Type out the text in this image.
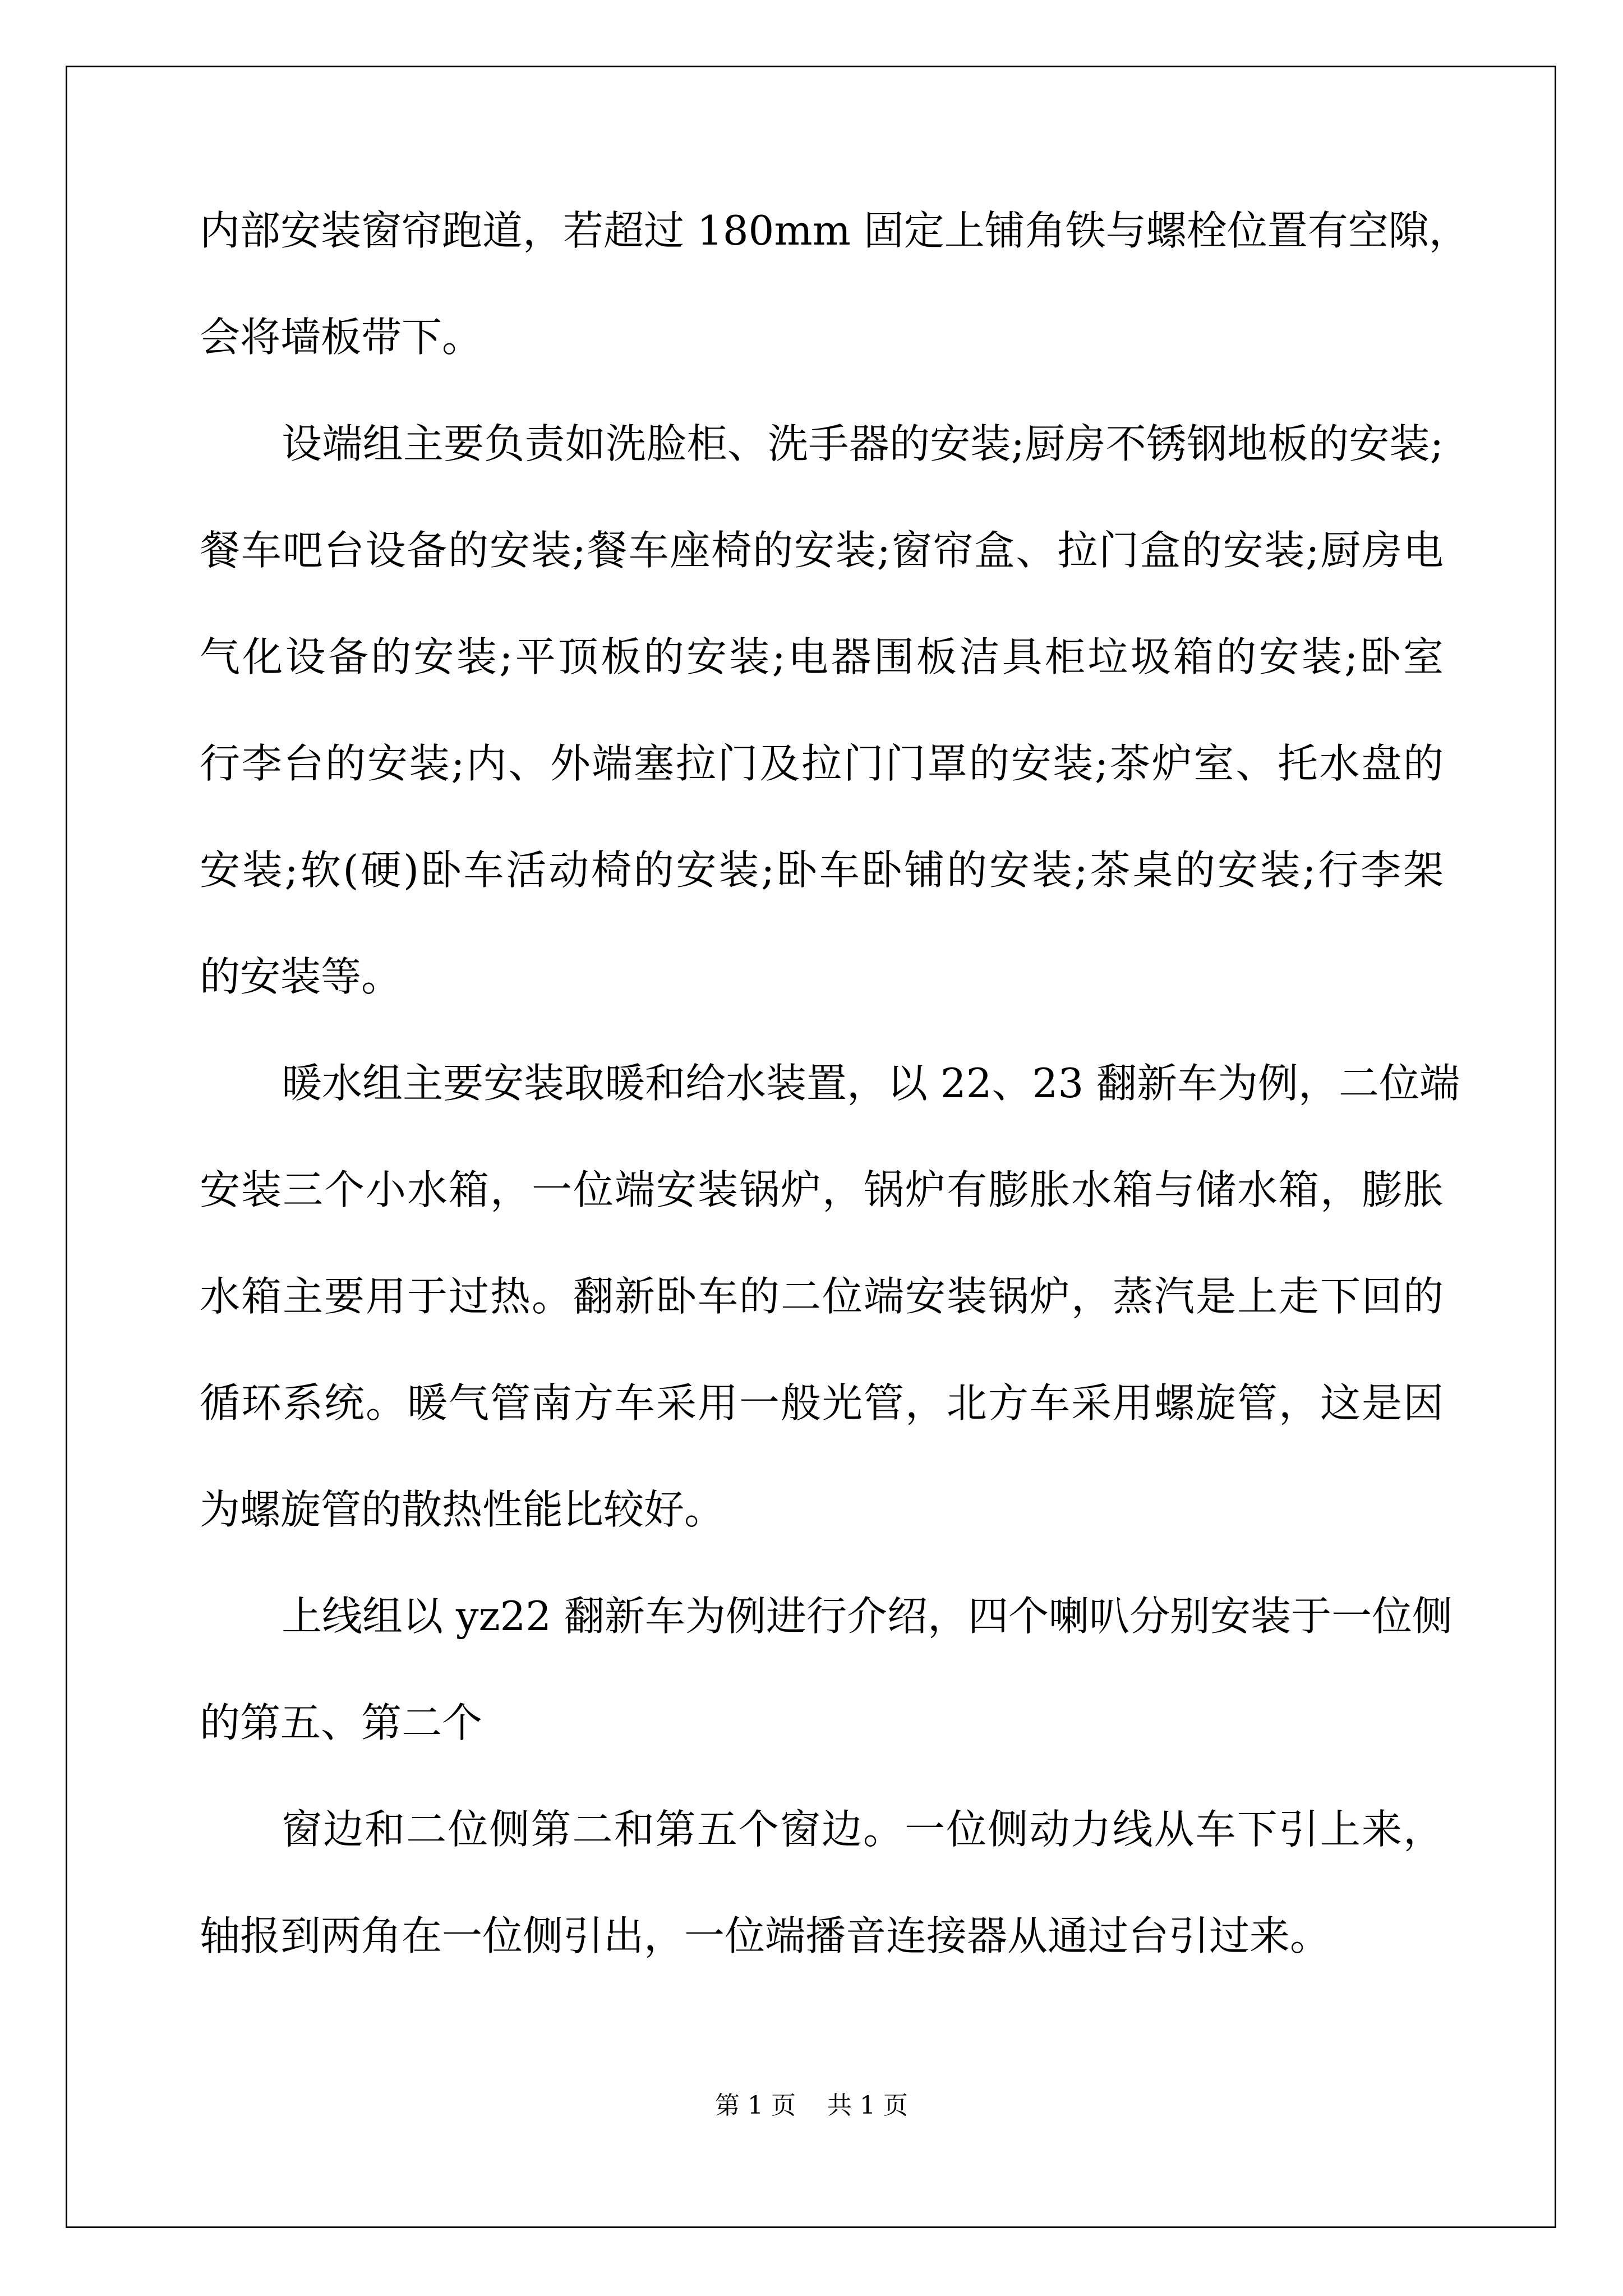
内部安装窗帘跑道，若超过 180mm 固定上铺角铁与螺栓位置有空隙，
会将墙板带下。
设端组主要负责如洗脸柜、洗手器的安装;厨房不锈钢地板的安装;
餐车吧台设备的安装;餐车座椅的安装;窗帘盒、拉门盒的安装;厨房电
气化设备的安装;平顶板的安装;电器围板洁具柜垃圾箱的安装;卧室
行李台的安装;内、外端塞拉门及拉门门罩的安装;茶炉室、托水盘的
安装;软(硬)卧车活动椅的安装;卧车卧铺的安装;茶桌的安装;行李架
的安装等。
暖水组主要安装取暖和给水装置，以 22、23 翻新车为例，二位端
安装三个小水箱，一位端安装锅炉，锅炉有膨胀水箱与储水箱，膨胀
水箱主要用于过热。翻新卧车的二位端安装锅炉，蒸汽是上走下回的
循环系统。暖气管南方车采用一般光管，北方车采用螺旋管，这是因
为螺旋管的散热性能比较好。
上线组以 yz22 翻新车为例进行介绍，四个喇叭分别安装于一位侧
的第五、第二个
窗边和二位侧第二和第五个窗边。一位侧动力线从车下引上来，
轴报到两角在一位侧引出，一位端播音连接器从通过台引过来。
第 1 页    共 1 页
